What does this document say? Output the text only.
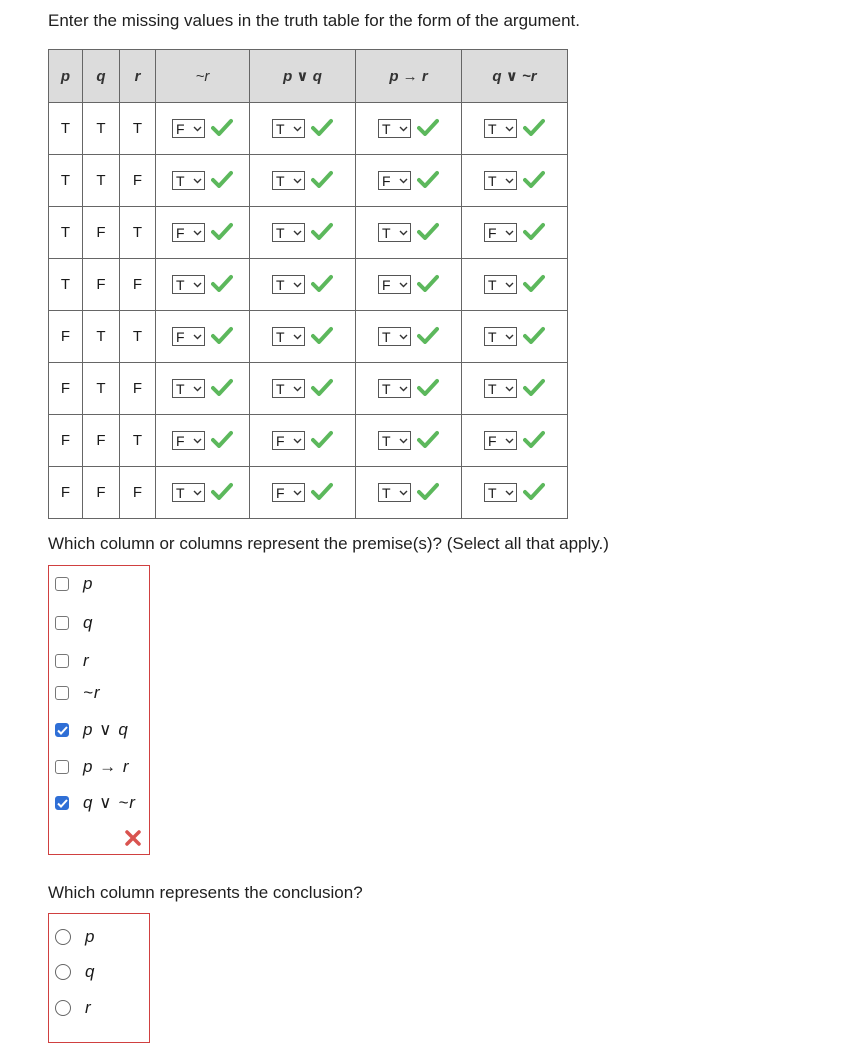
Enter the missing values in the truth table for the form of the argument.
p	q	r	~r	p ∨ q	p → r	q ∨ ~r
T	T	T	F	T	T	T

T	T	F	T	T	F	T

T	F	T	F	T	T	F

T	F	F	T	T	F	T

F	T	T	F	T	T	T

F	T	F	T	T	T	T

F	F	T	F	F	T	F

F	F	F	T	F	T	T
Which column or columns represent the premise(s)? (Select all that apply.)
p
q
r
~r
p ∨ q
p → r
q ∨ ~r
Which column represents the conclusion?
p
q
r
